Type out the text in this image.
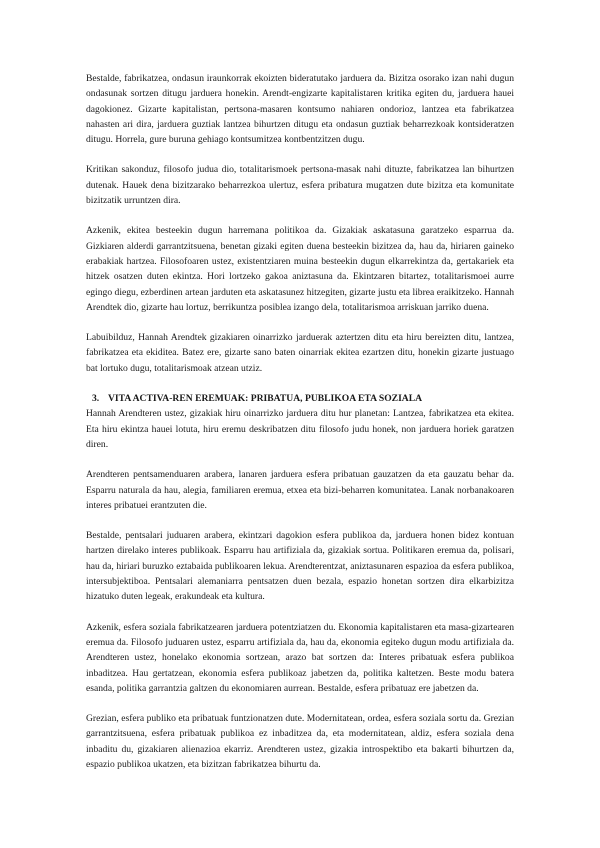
Bestalde, fabrikatzea, ondasun iraunkorrak ekoizten bideratutako jarduera da. Bizitza osorako izan nahi dugun ondasunak sortzen ditugu jarduera honekin. Arendt-engizarte kapitalistaren kritika egiten du, jarduera hauei dagokionez. Gizarte kapitalistan, pertsona-masaren kontsumo nahiaren ondorioz, lantzea eta fabrikatzea nahasten ari dira, jarduera guztiak lantzea bihurtzen ditugu eta ondasun guztiak beharrezkoak kontsideratzen ditugu. Horrela, gure buruna gehiago kontsumitzea kontbentzitzen dugu.

Kritikan sakonduz, filosofo judua dio, totalitarismoek pertsona-masak nahi dituzte, fabrikatzea lan bihurtzen dutenak. Hauek dena bizitzarako beharrezkoa ulertuz, esfera pribatura mugatzen dute bizitza eta komunitate bizitzatik urruntzen dira.

Azkenik, ekitea besteekin dugun harremana politikoa da. Gizakiak askatasuna garatzeko esparrua da. Gizkiaren alderdi garrantzitsuena, benetan gizaki egiten duena besteekin bizitzea da, hau da, hiriaren gaineko erabakiak hartzea. Filosofoaren ustez, existentziaren muina besteekin dugun elkarrekintza da, gertakariek eta hitzek osatzen duten ekintza. Hori lortzeko gakoa aniztasuna da. Ekintzaren bitartez, totalitarismoei aurre egingo diegu, ezberdinen artean jarduten eta askatasunez hitzegiten, gizarte justu eta librea eraikitzeko. Hannah Arendtek dio, gizarte hau lortuz, berrikuntza posiblea izango dela, totalitarismoa arriskuan jarriko duena.

Labuibilduz, Hannah Arendtek gizakiaren oinarrizko jarduerak aztertzen ditu eta hiru bereizten ditu, lantzea, fabrikatzea eta ekiditea. Batez ere, gizarte sano baten oinarriak ekitea ezartzen ditu, honekin gizarte justuago bat lortuko dugu, totalitarismoak atzean utziz.

3. VITA ACTIVA-REN EREMUAK: PRIBATUA, PUBLIKOA ETA SOZIALA

Hannah Arendteren ustez, gizakiak hiru oinarrizko jarduera ditu hur planetan: Lantzea, fabrikatzea eta ekitea. Eta hiru ekintza hauei lotuta, hiru eremu deskribatzen ditu filosofo judu honek, non jarduera horiek garatzen diren.

Arendteren pentsamenduaren arabera, lanaren jarduera esfera pribatuan gauzatzen da eta gauzatu behar da. Esparru naturala da hau, alegia, familiaren eremua, etxea eta bizi-beharren komunitatea. Lanak norbanakoaren interes pribatuei erantzuten die.

Bestalde, pentsalari juduaren arabera, ekintzari dagokion esfera publikoa da, jarduera honen bidez kontuan hartzen direlako interes publikoak. Esparru hau artifiziala da, gizakiak sortua. Politikaren eremua da, polisari, hau da, hiriari buruzko eztabaida publikoaren lekua. Arendterentzat, aniztasunaren espazioa da esfera publikoa, intersubjektiboa. Pentsalari alemaniarra pentsatzen duen bezala, espazio honetan sortzen dira elkarbizitza hizatuko duten legeak, erakundeak eta kultura.

Azkenik, esfera soziala fabrikatzearen jarduera potentziatzen du. Ekonomia kapitalistaren eta masa-gizartearen eremua da. Filosofo juduaren ustez, esparru artifiziala da, hau da, ekonomia egiteko dugun modu artifiziala da. Arendteren ustez, honelako ekonomia sortzean, arazo bat sortzen da: Interes pribatuak esfera publikoa inbaditzea. Hau gertatzean, ekonomia esfera publikoaz jabetzen da, politika kaltetzen. Beste modu batera esanda, politika garrantzia galtzen du ekonomiaren aurrean. Bestalde, esfera pribatuaz ere jabetzen da.

Grezian, esfera publiko eta pribatuak funtzionatzen dute. Modernitatean, ordea, esfera soziala sortu da. Grezian garrantzitsuena, esfera pribatuak publikoa ez inbaditzea da, eta modernitatean, aldiz, esfera soziala dena inbaditu du, gizakiaren alienazioa ekarriz. Arendteren ustez, gizakia introspektibo eta bakarti bihurtzen da, espazio publikoa ukatzen, eta bizitzan fabrikatzea bihurtu da.
